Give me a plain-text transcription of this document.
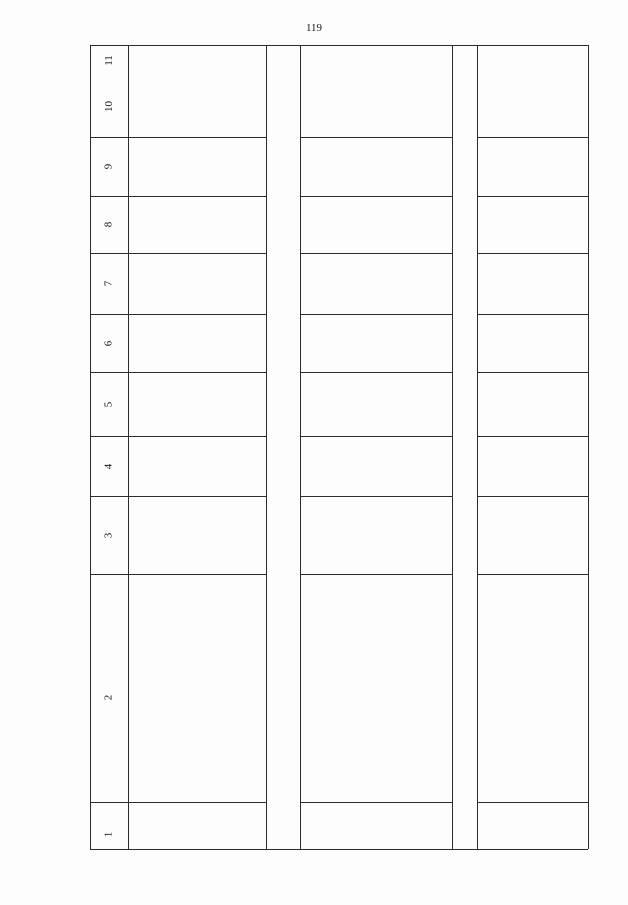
119
1
2
3
4
5
6
7
8
9
10
11
